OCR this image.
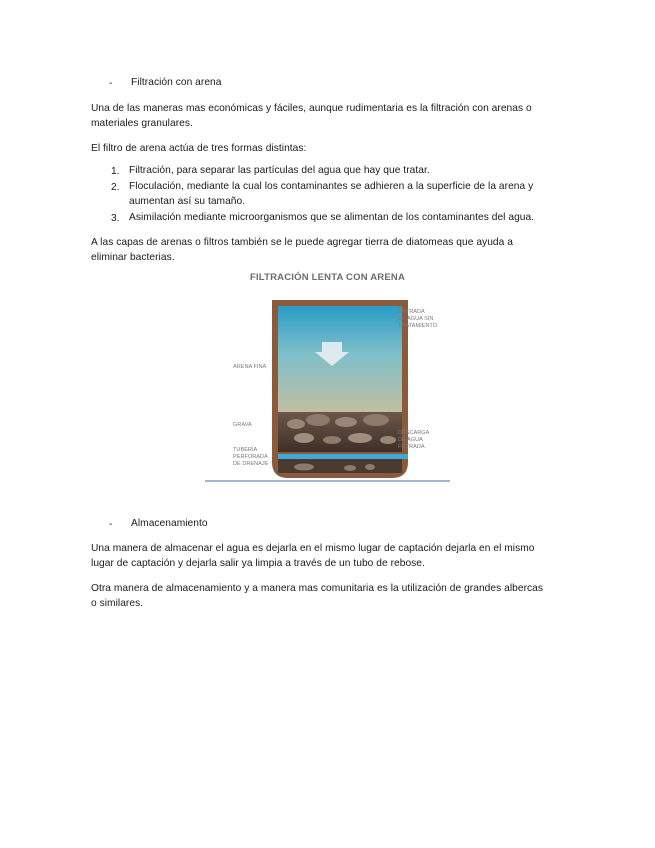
- Filtración con arena
Una de las maneras mas económicas y fáciles, aunque rudimentaria es la filtración con arenas o
materiales granulares.
El filtro de arena actúa de tres formas distintas:
1. Filtración, para separar las partículas del agua que hay que tratar.
2. Floculación, mediante la cual los contaminantes se adhieren a la superficie de la arena y
aumentan así su tamaño.
3. Asimilación mediante microorganismos que se alimentan de los contaminantes del agua.
A las capas de arenas o filtros también se le puede agregar tierra de diatomeas que ayuda a
eliminar bacterias.
FILTRACIÓN LENTA CON ARENA
ENTRADA
DE AGUA SIN
TRATAMIENTO
ARENA FINA
GRAVA
DESCARGA
DE AGUA
FILTRADA
TUBERÍA
PERFORADA
DE DRENAJE
- Almacenamiento
Una manera de almacenar el agua es dejarla en el mismo lugar de captación dejarla en el mismo
lugar de captación y dejarla salir ya limpia a través de un tubo de rebose.
Otra manera de almacenamiento y a manera mas comunitaria es la utilización de grandes albercas
o similares.
